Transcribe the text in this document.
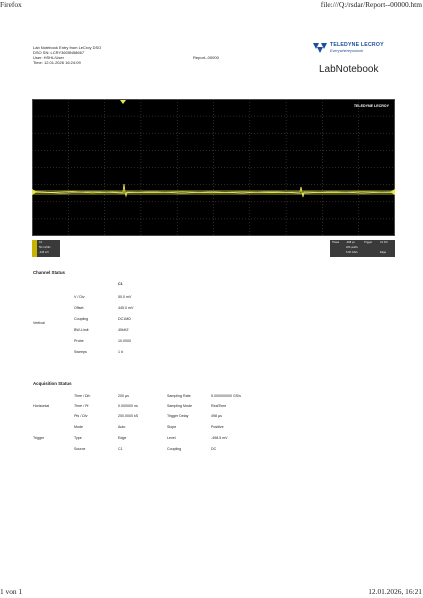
Firefox	file:///Q:/rsdar/Report--00000.htm
1 von 1	12.01.2026, 16:21
Lab Notebook Entry from LeCroy DSO
DSO SN: LCRY3605N58667
User: HSHL/User
Time: 12.01.2026 16:24:09
Report--00000
TELEDYNE LECROY
Everywhereyoulook
LabNotebook
TELEDYNE LECROY
C1
50 mV/div
-445 mV
Tbase	-498 µs	Trigger	C1 DC
200 µs/div
5.00 GS/s	Edge
Channel Status
C1
Vertical
V / Div	50.0 mV
Offset	445.0 mV
Coupling	DC1MΩ
BW-Limit	40kHZ
Probe	10.0000
Sweeps	1 #
Acquisition Status
Time / Div	200 µs	Sampling Rate	5.000000000 GS/s
Horizontal	Time / Pt	0.000000 ns	Sampling Mode	RealTime
Pts / Div	200.0000 kS	Trigger Delay	498 µs
Mode	Auto	Slope	Positive
Trigger	Type	Edge	Level	-498.5 mV
Source	C1	Coupling	DC
